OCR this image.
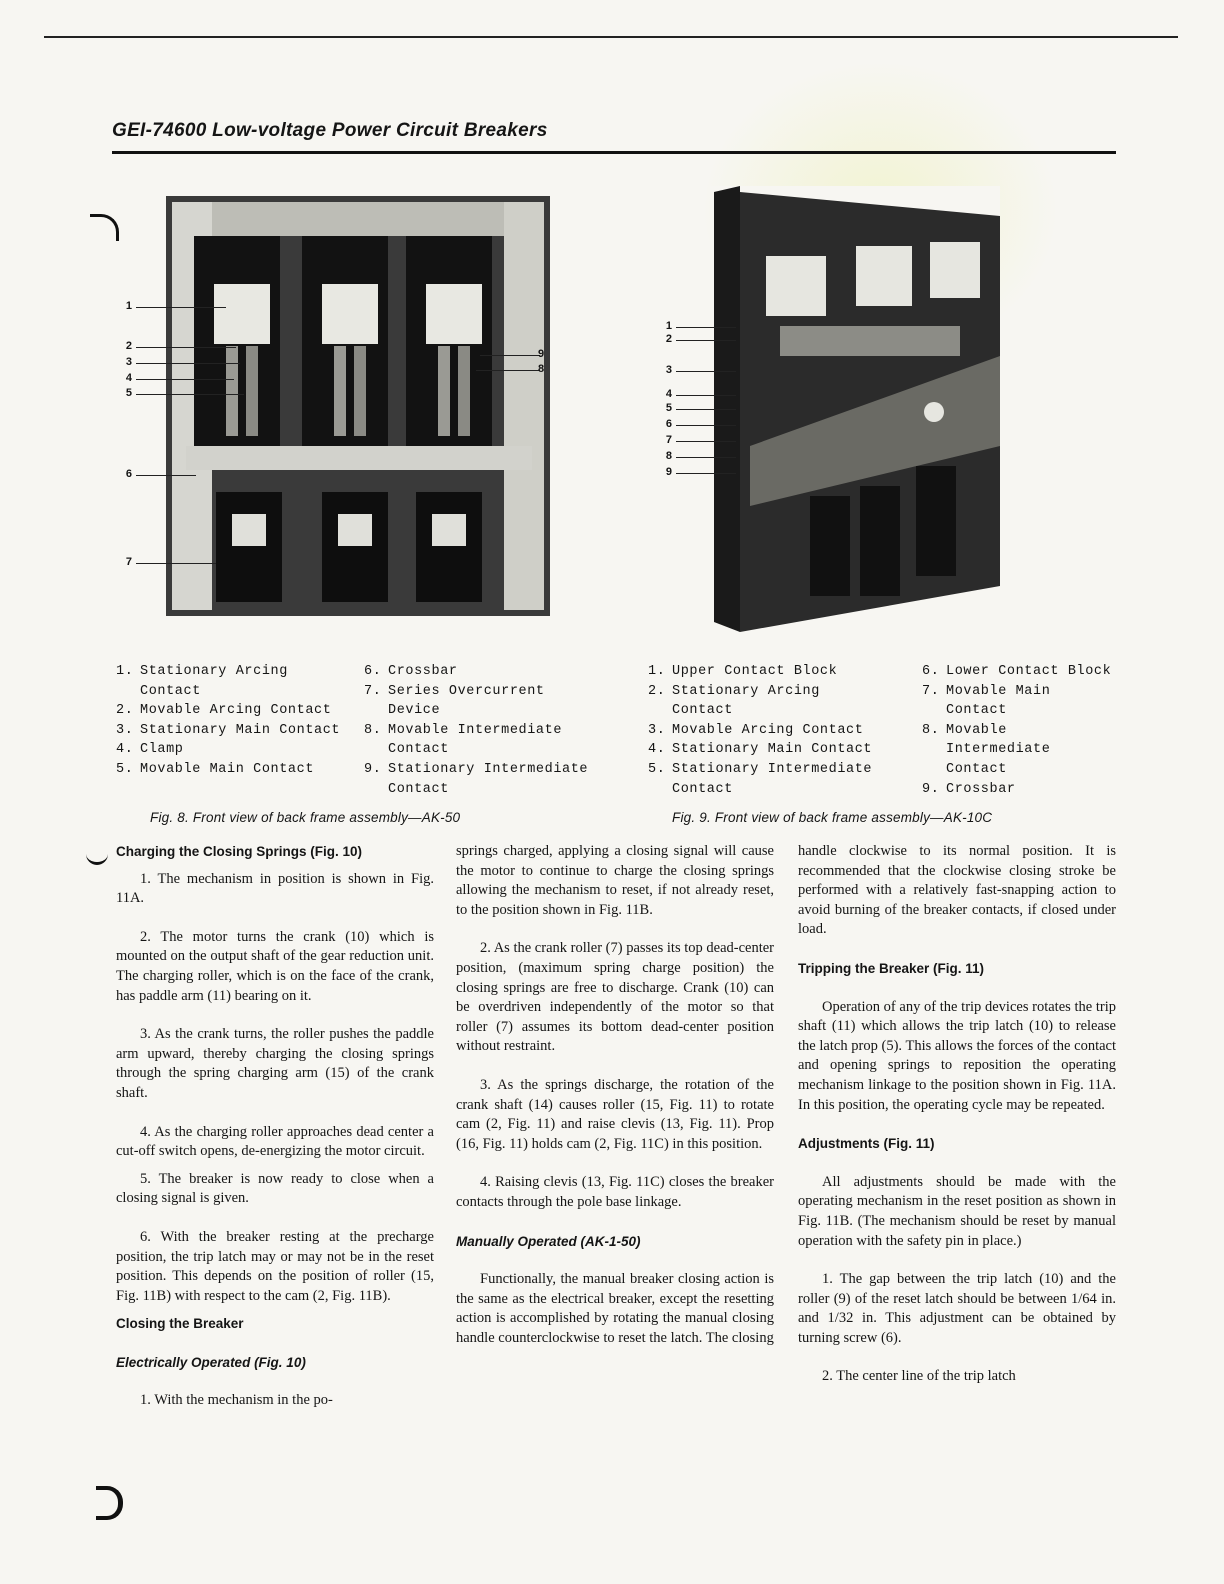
GEI-74600 Low-voltage Power Circuit Breakers
1
2
3
4
5
6
7
9
8
1
2
3
4
5
6
7
8
9
1. Stationary Arcing Contact
2. Movable Arcing Contact
3. Stationary Main Contact
4. Clamp
5. Movable Main Contact
6. Crossbar
7. Series Overcurrent Device
8. Movable Intermediate Contact
9. Stationary Intermediate Contact
Fig. 8. Front view of back frame assembly—AK-50
1. Upper Contact Block
2. Stationary Arcing Contact
3. Movable Arcing Contact
4. Stationary Main Contact
5. Stationary Intermediate Contact
6. Lower Contact Block
7. Movable Main Contact
8. Movable Intermediate Contact
9. Crossbar
Fig. 9. Front view of back frame assembly—AK-10C
Charging the Closing Springs (Fig. 10)

1. The mechanism in position is shown in Fig. 11A.

2. The motor turns the crank (10) which is mounted on the output shaft of the gear reduction unit. The charging roller, which is on the face of the crank, has paddle arm (11) bearing on it.

3. As the crank turns, the roller pushes the paddle arm upward, thereby charging the closing springs through the spring charging arm (15) of the crank shaft.

4. As the charging roller approaches dead center a cut-off switch opens, de-energizing the motor circuit.

5. The breaker is now ready to close when a closing signal is given.

6. With the breaker resting at the precharge position, the trip latch may or may not be in the reset position. This depends on the position of roller (15, Fig. 11B) with respect to the cam (2, Fig. 11B).

Closing the Breaker
Electrically Operated (Fig. 10)

1. With the mechanism in the po-

springs charged, applying a closing signal will cause the motor to continue to charge the closing springs allowing the mechanism to reset, if not already reset, to the position shown in Fig. 11B.

2. As the crank roller (7) passes its top dead-center position, (maximum spring charge position) the closing springs are free to discharge. Crank (10) can be overdriven independently of the motor so that roller (7) assumes its bottom dead-center position without restraint.

3. As the springs discharge, the rotation of the crank shaft (14) causes roller (15, Fig. 11) to rotate cam (2, Fig. 11) and raise clevis (13, Fig. 11). Prop (16, Fig. 11) holds cam (2, Fig. 11C) in this position.

4. Raising clevis (13, Fig. 11C) closes the breaker contacts through the pole base linkage.

Manually Operated (AK-1-50)

Functionally, the manual breaker closing action is the same as the electrical breaker, except the resetting action is accomplished by rotating the manual closing handle counterclockwise to reset the latch. The closing

handle clockwise to its normal position. It is recommended that the clockwise closing stroke be performed with a relatively fast-snapping action to avoid burning of the breaker contacts, if closed under load.

Tripping the Breaker (Fig. 11)

Operation of any of the trip devices rotates the trip shaft (11) which allows the trip latch (10) to release the latch prop (5). This allows the forces of the contact and opening springs to reposition the operating mechanism linkage to the position shown in Fig. 11A. In this position, the operating cycle may be repeated.

Adjustments (Fig. 11)

All adjustments should be made with the operating mechanism in the reset position as shown in Fig. 11B. (The mechanism should be reset by manual operation with the safety pin in place.)

1. The gap between the trip latch (10) and the roller (9) of the reset latch should be between 1/64 in. and 1/32 in. This adjustment can be obtained by turning screw (6).

2. The center line of the trip latch
